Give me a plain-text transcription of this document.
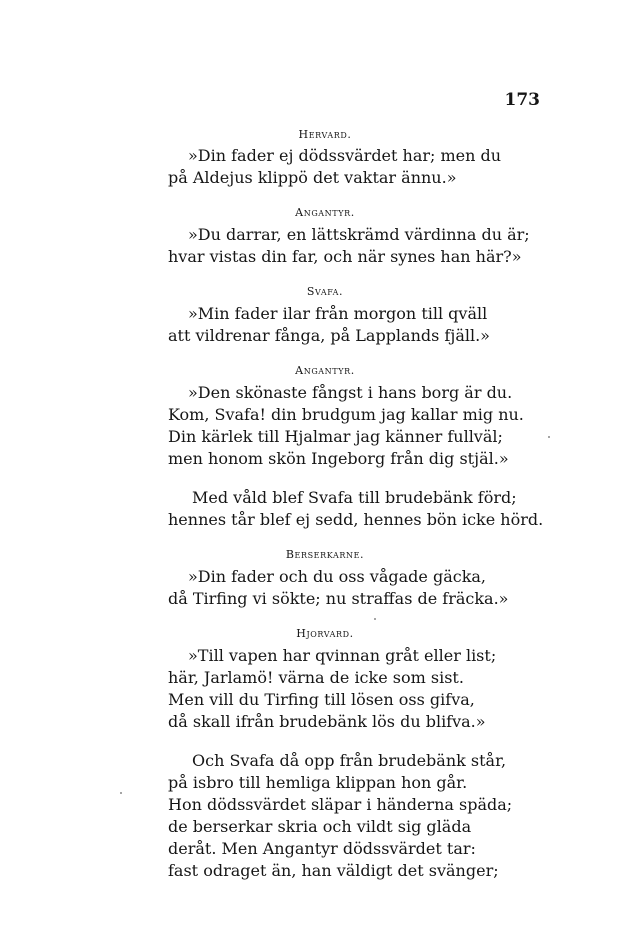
173
Hervard.
»Din fader ej dödssvärdet har; men du
på Aldejus klippö det vaktar ännu.»
Angantyr.
»Du darrar, en lättskrämd värdinna du är;
hvar vistas din far, och när synes han här?»
Svafa.
»Min fader ilar från morgon till qväll
att vildrenar fånga, på Lapplands fjäll.»
Angantyr.
»Den skönaste fångst i hans borg är du.
Kom, Svafa! din brudgum jag kallar mig nu.
Din kärlek till Hjalmar jag känner fullväl;
men honom skön Ingeborg från dig stjäl.»
Med våld blef Svafa till brudebänk förd;
hennes tår blef ej sedd, hennes bön icke hörd.
Berserkarne.
»Din fader och du oss vågade gäcka,
då Tirfing vi sökte; nu straffas de fräcka.»
Hjorvard.
»Till vapen har qvinnan gråt eller list;
här, Jarlamö! värna de icke som sist.
Men vill du Tirfing till lösen oss gifva,
då skall ifrån brudebänk lös du blifva.»
Och Svafa då opp från brudebänk står,
på isbro till hemliga klippan hon går.
Hon dödssvärdet släpar i händerna späda;
de berserkar skria och vildt sig gläda
deråt. Men Angantyr dödssvärdet tar:
fast odraget än, han väldigt det svänger;
